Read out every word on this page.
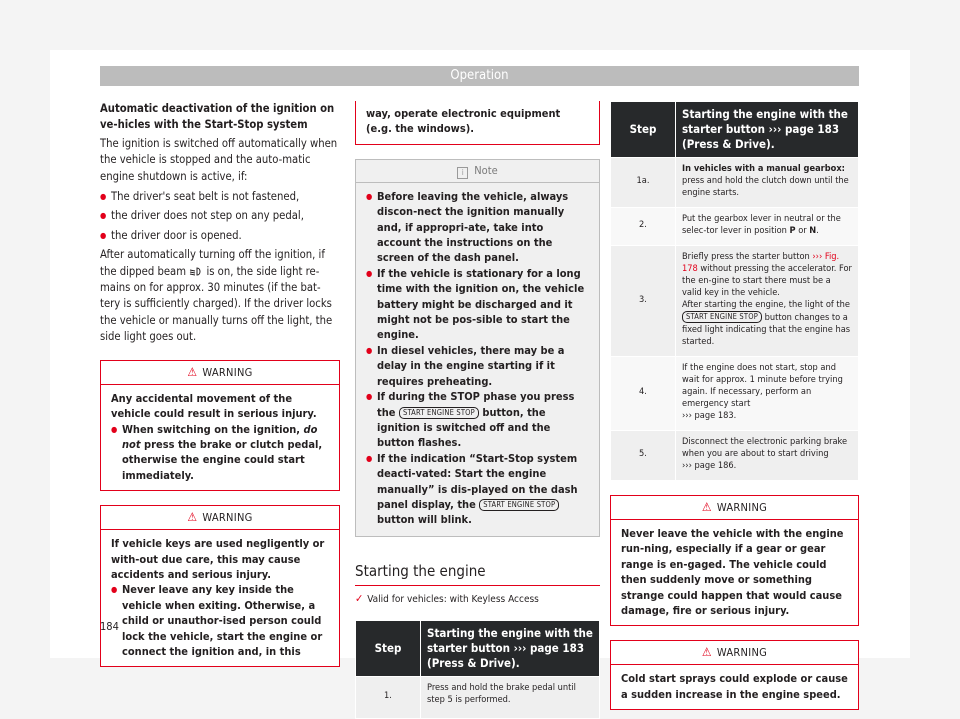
Operation

Automatic deactivation of the ignition on ve-hicles with the Start-Stop system

The ignition is switched off automatically when the vehicle is stopped and the auto-matic engine shutdown is active, if:

● The driver's seat belt is not fastened,

● the driver does not step on any pedal,

● the driver door is opened.

After automatically turning off the ignition, if the dipped beam is on, the side light re-mains on for approx. 30 minutes (if the bat-tery is sufficiently charged). If the driver locks the vehicle or manually turns off the light, the side light goes out.

⚠ WARNING

Any accidental movement of the vehicle could result in serious injury.

● When switching on the ignition, do not press the brake or clutch pedal, otherwise the engine could start immediately.

⚠ WARNING

If vehicle keys are used negligently or with-out due care, this may cause accidents and serious injury.

● Never leave any key inside the vehicle when exiting. Otherwise, a child or unauthor-ised person could lock the vehicle, start the engine or connect the ignition and, in this

way, operate electronic equipment (e.g. the windows).
i Note

● Before leaving the vehicle, always discon-nect the ignition manually and, if appropri-ate, take into account the instructions on the screen of the dash panel.

● If the vehicle is stationary for a long time with the ignition on, the vehicle battery might be discharged and it might not be pos-sible to start the engine.

● In diesel vehicles, there may be a delay in the engine starting if it requires preheating.

● If during the STOP phase you press the START ENGINE STOP button, the ignition is switched off and the button flashes.

● If the indication “Start-Stop system deacti-vated: Start the engine manually” is dis-played on the dash panel display, the START ENGINE STOP button will blink.

Starting the engine
✓ Valid for vehicles: with Keyless Access
Step	Starting the engine with the starter button ››› page 183 (Press & Drive).
1.	Press and hold the brake pedal until step 5 is performed.
Step	Starting the engine with the starter button ››› page 183 (Press & Drive).
1a.	In vehicles with a manual gearbox: press and hold the clutch down until the engine starts.
2.	Put the gearbox lever in neutral or the selec-tor lever in position P or N.
3.	Briefly press the starter button ››› Fig. 178 without pressing the accelerator. For the en-gine to start there must be a valid key in the vehicle.
After starting the engine, the light of the START ENGINE STOP button changes to a fixed light indicating that the engine has started.
4.	If the engine does not start, stop and wait for approx. 1 minute before trying again. If necessary, perform an emergency start
››› page 183.
5.	Disconnect the electronic parking brake when you are about to start driving
››› page 186.
⚠ WARNING
Never leave the vehicle with the engine run-ning, especially if a gear or gear range is en-gaged. The vehicle could then suddenly move or something strange could happen that would cause damage, fire or serious injury.
⚠ WARNING
Cold start sprays could explode or cause a sudden increase in the engine speed.
184
